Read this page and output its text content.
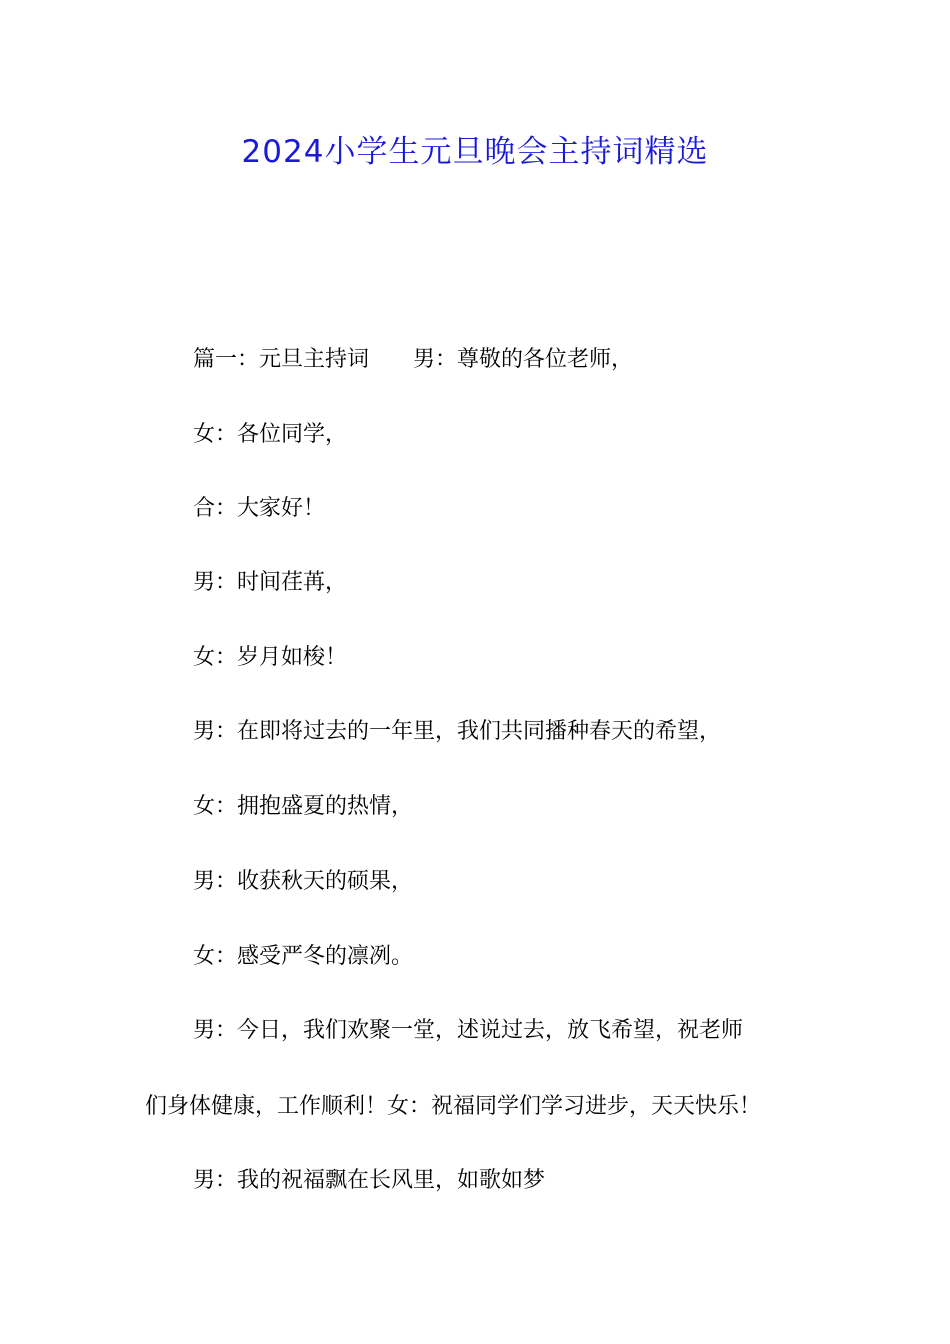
2024小学生元旦晚会主持词精选

篇一：元旦主持词　　男：尊敬的各位老师，

女：各位同学，

合：大家好！

男：时间荏苒，

女：岁月如梭！

男：在即将过去的一年里，我们共同播种春天的希望，

女：拥抱盛夏的热情，

男：收获秋天的硕果，

女：感受严冬的凛冽。

男：今日，我们欢聚一堂，述说过去，放飞希望，祝老师

们身体健康，工作顺利！女：祝福同学们学习进步，天天快乐！

男：我的祝福飘在长风里，如歌如梦
